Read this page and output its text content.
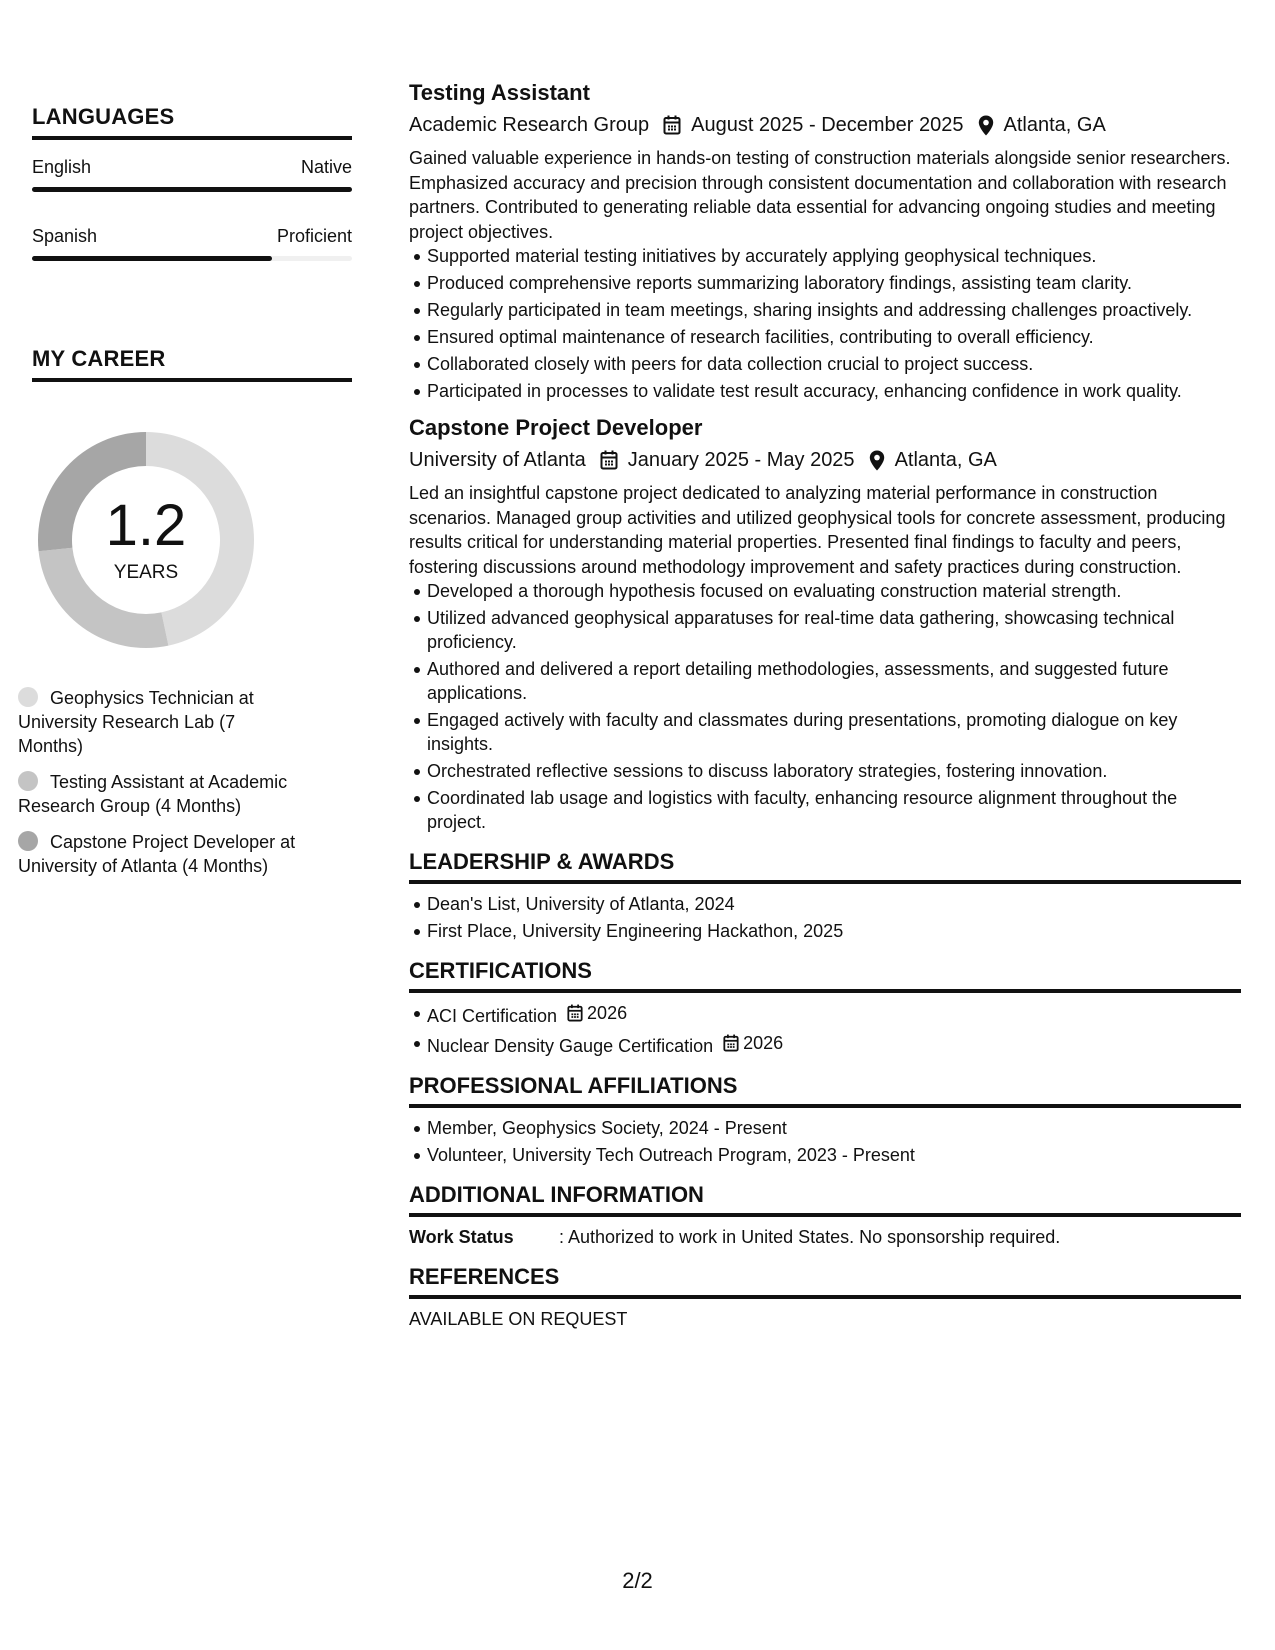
LANGUAGES
English	Native
Spanish	Proficient
MY CAREER
1.2
YEARS
Geophysics Technician at University Research Lab (7 Months)
Testing Assistant at Academic Research Group (4 Months)
Capstone Project Developer at University of Atlanta (4 Months)
Testing Assistant
Academic Research Group August 2025 - December 2025 Atlanta, GA
Gained valuable experience in hands-on testing of construction materials alongside senior researchers. Emphasized accuracy and precision through consistent documentation and collaboration with research partners. Contributed to generating reliable data essential for advancing ongoing studies and meeting project objectives.
Supported material testing initiatives by accurately applying geophysical techniques.
Produced comprehensive reports summarizing laboratory findings, assisting team clarity.
Regularly participated in team meetings, sharing insights and addressing challenges proactively.
Ensured optimal maintenance of research facilities, contributing to overall efficiency.
Collaborated closely with peers for data collection crucial to project success.
Participated in processes to validate test result accuracy, enhancing confidence in work quality.
Capstone Project Developer
University of Atlanta January 2025 - May 2025 Atlanta, GA
Led an insightful capstone project dedicated to analyzing material performance in construction scenarios. Managed group activities and utilized geophysical tools for concrete assessment, producing results critical for understanding material properties. Presented final findings to faculty and peers, fostering discussions around methodology improvement and safety practices during construction.
Developed a thorough hypothesis focused on evaluating construction material strength.
Utilized advanced geophysical apparatuses for real-time data gathering, showcasing technical proficiency.
Authored and delivered a report detailing methodologies, assessments, and suggested future applications.
Engaged actively with faculty and classmates during presentations, promoting dialogue on key insights.
Orchestrated reflective sessions to discuss laboratory strategies, fostering innovation.
Coordinated lab usage and logistics with faculty, enhancing resource alignment throughout the project.
LEADERSHIP & AWARDS
Dean's List, University of Atlanta, 2024
First Place, University Engineering Hackathon, 2025
CERTIFICATIONS
ACI Certification 2026
Nuclear Density Gauge Certification 2026
PROFESSIONAL AFFILIATIONS
Member, Geophysics Society, 2024 - Present
Volunteer, University Tech Outreach Program, 2023 - Present
ADDITIONAL INFORMATION
Work Status	: Authorized to work in United States. No sponsorship required.
REFERENCES
AVAILABLE ON REQUEST
2/2
